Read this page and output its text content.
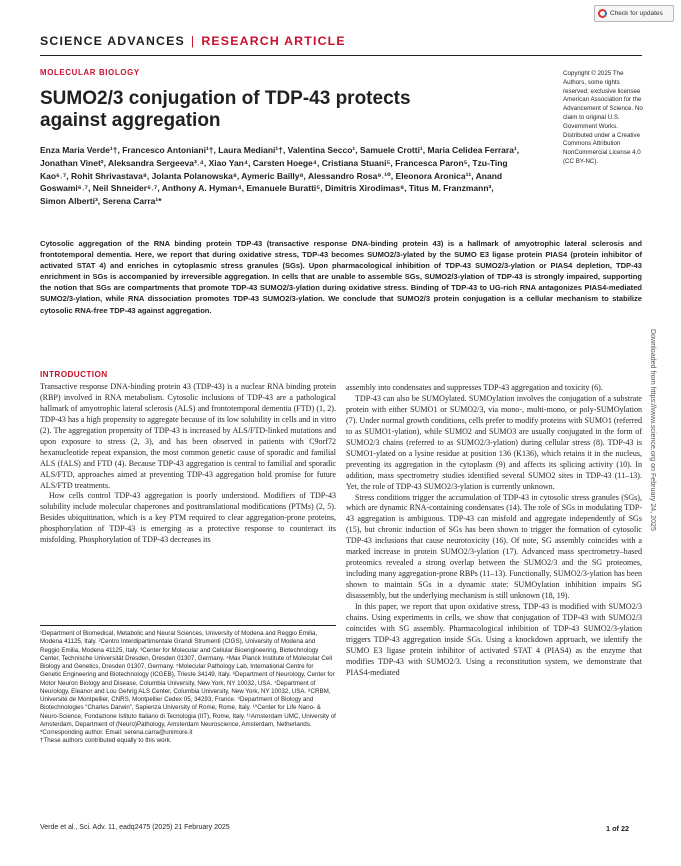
Check for updates
SCIENCE ADVANCES | RESEARCH ARTICLE
MOLECULAR BIOLOGY
SUMO2/3 conjugation of TDP-43 protects against aggregation
Enza Maria Verde¹†, Francesco Antoniani¹†, Laura Mediani¹†, Valentina Secco¹, Samuele Crotti¹, Maria Celidea Ferrara¹, Jonathan Vinet², Aleksandra Sergeeva³˒⁴, Xiao Yan⁴, Carsten Hoege⁴, Cristiana Stuani⁵, Francesca Paron⁵, Tzu-Ting Kao⁶˒⁷, Rohit Shrivastava⁸, Jolanta Polanowska⁸, Aymeric Bailly⁸, Alessandro Rosa⁹˒¹⁰, Eleonora Aronica¹¹, Anand Goswami⁶˒⁷, Neil Shneider⁶˒⁷, Anthony A. Hyman⁴, Emanuele Buratti⁵, Dimitris Xirodimas⁸, Titus M. Franzmann³, Simon Alberti³, Serena Carra¹*
Copyright © 2025 The Authors, some rights reserved; exclusive licensee American Association for the Advancement of Science. No claim to original U.S. Government Works. Distributed under a Creative Commons Attribution NonCommercial License 4.0 (CC BY-NC).
Cytosolic aggregation of the RNA binding protein TDP-43 (transactive response DNA-binding protein 43) is a hallmark of amyotrophic lateral sclerosis and frontotemporal dementia. Here, we report that during oxidative stress, TDP-43 becomes SUMO2/3-ylated by the SUMO E3 ligase protein PIAS4 (protein inhibitor of activated STAT 4) and enriches in cytoplasmic stress granules (SGs). Upon pharmacological inhibition of TDP-43 SUMO2/3-ylation or PIAS4 depletion, TDP-43 enrichment in SGs is accompanied by irreversible aggregation. In cells that are unable to assemble SGs, SUMO2/3-ylation of TDP-43 is strongly impaired, supporting the notion that SGs are compartments that promote TDP-43 SUMO2/3-ylation during oxidative stress. Binding of TDP-43 to UG-rich RNA antagonizes PIAS4-mediated SUMO2/3-ylation, while RNA dissociation promotes TDP-43 SUMO2/3-ylation. We conclude that SUMO2/3 protein conjugation is a cellular mechanism to stabilize cytosolic RNA-free TDP-43 against aggregation.
Downloaded from https://www.science.org on February 24, 2025
INTRODUCTION

Transactive response DNA-binding protein 43 (TDP-43) is a nuclear RNA binding protein (RBP) involved in RNA metabolism. Cytosolic inclusions of TDP-43 are a pathological hallmark of amyotrophic lateral sclerosis (ALS) and frontotemporal dementia (FTD) (1, 2). TDP-43 has a high propensity to aggregate because of its low solubility in cells and in vitro (2). The aggregation propensity of TDP-43 is increased by ALS/FTD-linked mutations and upon exposure to stress (2, 3), and has been observed in patients with C9orf72 hexanucleotide repeat expansion, the most common genetic cause of sporadic and familial ALS (fALS) and FTD (4). Because TDP-43 aggregation is central to familial and sporadic ALS/FTD, approaches aimed at preventing TDP-43 aggregation hold promise for future ALS/FTD treatments.

How cells control TDP-43 aggregation is poorly understood. Modifiers of TDP-43 solubility include molecular chaperones and posttranslational modifications (PTMs) (2, 5). Besides ubiquitination, which is a key PTM required to clear aggregation-prone proteins, phosphorylation of TDP-43 is emerging as a protective response to counteract its misfolding. Phosphorylation of TDP-43 decreases its

¹Department of Biomedical, Metabolic and Neural Sciences, University of Modena and Reggio Emilia, Modena 41125, Italy. ²Centro Interdipartimentale Grandi Strumenti (CIGS), University of Modena and Reggio Emilia, Modena 41125, Italy. ³Center for Molecular and Cellular Bioengineering, Biotechnology Center, Technische Universität Dresden, Dresden 01307, Germany. ⁴Max Planck Institute of Molecular Cell Biology and Genetics, Dresden 01307, Germany. ⁵Molecular Pathology Lab, International Centre for Genetic Engineering and Biotechnology (ICGEB), Trieste 34149, Italy. ⁶Department of Neurology, Center for Motor Neuron Biology and Disease, Columbia University, New York, NY 10032, USA. ⁷Department of Neurology, Eleanor and Lou Gehrig ALS Center, Columbia University, New York, NY 10032, USA. ⁸CRBM, Université de Montpellier, CNRS, Montpellier Cedex 05, 34293, France. ⁹Department of Biology and Biotechnologies “Charles Darwin”, Sapienza University of Rome, Rome, Italy. ¹⁰Center for Life Nano- & Neuro-Science, Fondazione Istituto Italiano di Tecnologia (IIT), Rome, Italy. ¹¹Amsterdam UMC, University of Amsterdam, Department of (Neuro)Pathology, Amsterdam Neuroscience, Amsterdam, Netherlands.
*Corresponding author. Email: serena.carra@unimore.it
†These authors contributed equally to this work.

assembly into condensates and suppresses TDP-43 aggregation and toxicity (6).

TDP-43 can also be SUMOylated. SUMOylation involves the conjugation of a substrate protein with either SUMO1 or SUMO2/3, via mono-, multi-mono, or poly-SUMOylation (7). Under normal growth conditions, cells prefer to modify proteins with SUMO1 (referred to as SUMO1-ylation), while SUMO2 and SUMO3 are usually conjugated in the form of SUMO2/3 chains (referred to as SUMO2/3-ylation) during cellular stress (8). TDP-43 is SUMO1-ylated on a lysine residue at position 136 (K136), which retains it in the nucleus, preventing its aggregation in the cytoplasm (9) and affects its splicing activity (10). In addition, mass spectrometry studies identified several SUMO2 sites in TDP-43 (11–13). Yet, the role of TDP-43 SUMO2/3-ylation is currently unknown.

Stress conditions trigger the accumulation of TDP-43 in cytosolic stress granules (SGs), which are dynamic RNA-containing condensates (14). The role of SGs in modulating TDP-43 aggregation is ambiguous. TDP-43 can misfold and aggregate independently of SGs (15), but chronic induction of SGs has been shown to trigger the formation of cytosolic TDP-43 inclusions that cause neurotoxicity (16). Of note, SG assembly coincides with a marked increase in protein SUMO2/3-ylation (17). Advanced mass spectrometry–based proteomics revealed a strong overlap between the SUMO2/3 and the SG proteomes, including many aggregation-prone RBPs (11–13). Functionally, SUMO2/3-ylation has been shown to maintain SGs in a dynamic state: SUMOylation inhibition impairs SG disassembly, but the underlying mechanism is still unknown (18, 19).

In this paper, we report that upon oxidative stress, TDP-43 is modified with SUMO2/3 chains. Using experiments in cells, we show that conjugation of TDP-43 with SUMO2/3 coincides with SG assembly. Pharmacological inhibition of TDP-43 SUMO2/3-ylation triggers TDP-43 aggregation inside SGs. Using a knockdown approach, we identify the SUMO E3 ligase protein inhibitor of activated STAT 4 (PIAS4) as the enzyme that modifies TDP-43 with SUMO2/3. Using a reconstitution system, we demonstrate that PIAS4-mediated

Verde et al., Sci. Adv. 11, eadq2475 (2025) 21 February 2025	1 of 22
